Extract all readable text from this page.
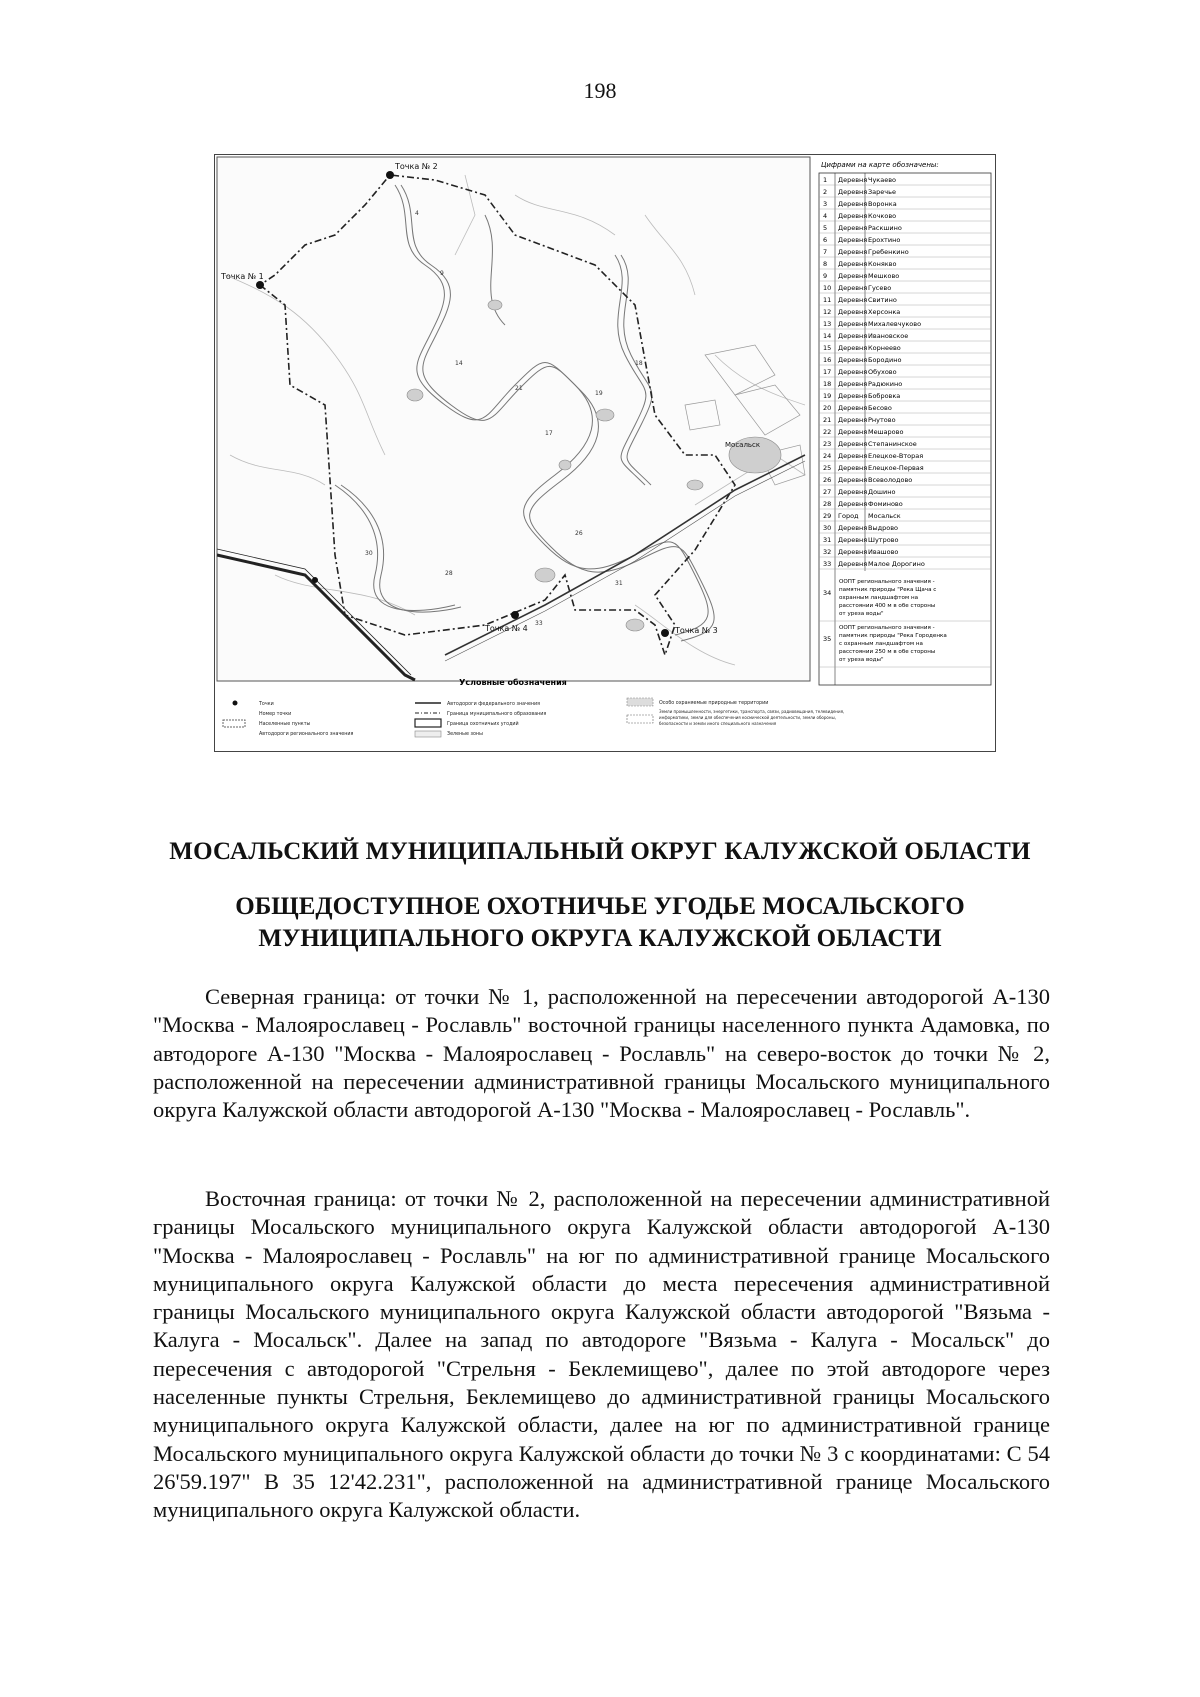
198
Точка № 1
Точка № 2
Точка № 3
Точка № 4
Мосальск
4
9
14
21
17
19
18
26
31
30
28
33
Условные обозначения
Цифрами на карте обозначены:
1 Деревня Чукаево
2 Деревня Заречье
3 Деревня Воронка
4 Деревня Кочково
5 Деревня Раскшино
6 Деревня Ерохтино
7 Деревня Гребенкино
8 Деревня Конякво
9 Деревня Мешково
10 Деревня Гусево
11 Деревня Свитино
12 Деревня Херсонка
13 Деревня Михалевчуково
14 Деревня Ивановское
15 Деревня Корнеево
16 Деревня Бородино
17 Деревня Обухово
18 Деревня Радюкино
19 Деревня Бобровка
20 Деревня Бесово
21 Деревня Рнутово
22 Деревня Мешарово
23 Деревня Степанинское
24 Деревня Елецкое-Вторая
25 Деревня Елецкое-Первая
26 Деревня Всеволодово
27 Деревня Дошино
28 Деревня Фоминово
29 Город Мосальск
30 Деревня Выдрово
31 Деревня Шутрово
32 Деревня Ивашово
33 Деревня Малое Дорогино
34
ООПТ регионального значения -памятник природы "Река Щача с охранным ландшафтом на расстоянии 400 м в обе стороны от уреза воды"
35
ООПТ регионального значения -памятник природы "Река Городенка с охранным ландшафтом на расстоянии 250 м в обе стороны от уреза воды"
Точки
Номер точки
Населенные пункты
Автодороги регионального значения
Автодороги федерального значения
Граница муниципального образования
Граница охотничьих угодий
Зеленые зоны
Особо охраняемые природные территории
Земли промышленности, энергетики, транспорта, связи, радиовещания, телевидения, информатики, земли для обеспечения космической деятельности, земли обороны, безопасности и земли иного специального назначения
МОСАЛЬСКИЙ МУНИЦИПАЛЬНЫЙ ОКРУГ КАЛУЖСКОЙ ОБЛАСТИ
ОБЩЕДОСТУПНОЕ ОХОТНИЧЬЕ УГОДЬЕ МОСАЛЬСКОГО
МУНИЦИПАЛЬНОГО ОКРУГА КАЛУЖСКОЙ ОБЛАСТИ

Северная граница: от точки № 1, расположенной на пересечении автодорогой А-130 "Москва - Малоярославец - Рославль" восточной границы населенного пункта Адамовка, по автодороге А-130 "Москва - Малоярославец - Рославль" на северо-восток до точки № 2, расположенной на пересечении административной границы Мосальского муниципального округа Калужской области автодорогой А-130 "Москва - Малоярославец - Рославль".

Восточная граница: от точки № 2, расположенной на пересечении административной границы Мосальского муниципального округа Калужской области автодорогой А-130 "Москва - Малоярославец - Рославль" на юг по административной границе Мосальского муниципального округа Калужской области до места пересечения административной границы Мосальского муниципального округа Калужской области автодорогой "Вязьма - Калуга - Мосальск". Далее на запад по автодороге "Вязьма - Калуга - Мосальск" до пересечения с автодорогой "Стрельня - Беклемищево", далее по этой автодороге через населенные пункты Стрельня, Беклемищево до административной границы Мосальского муниципального округа Калужской области, далее на юг по административной границе Мосальского муниципального округа Калужской области до точки № 3 с координатами: С 54 26'59.197" В 35 12'42.231", расположенной на административной границе Мосальского муниципального округа Калужской области.
